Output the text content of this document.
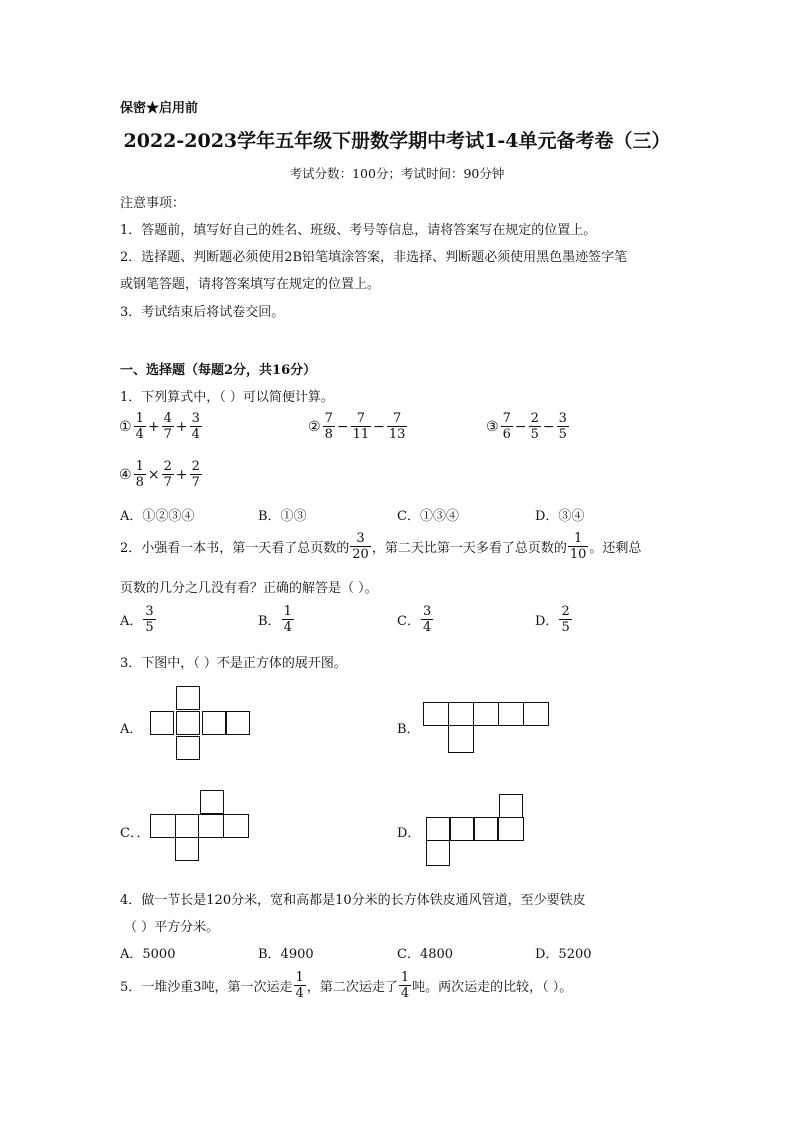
保密★启用前
2022-2023学年五年级下册数学期中考试1-4单元备考卷（三）
考试分数：100分；考试时间：90分钟
注意事项：
1．答题前，填写好自己的姓名、班级、考号等信息，请将答案写在规定的位置上。
2．选择题、判断题必须使用2B铅笔填涂答案，非选择、判断题必须使用黑色墨迹签字笔
或钢笔答题，请将答案填写在规定的位置上。
3．考试结束后将试卷交回。
一、选择题（每题2分，共16分）
1．下列算式中，（ ）可以简便计算。
① $\frac{1}{4} + \frac{4}{7} + \frac{3}{4}$	② $\frac{7}{8} - \frac{7}{11} - \frac{7}{13}$	③ $\frac{7}{6} - \frac{2}{5} - \frac{3}{5}$
④ $\frac{1}{8} \times \frac{2}{7} + \frac{2}{7}$
A．①②③④	B．①③	C．①③④	D．③④
2．小强看一本书，第一天看了总页数的 $\frac{3}{20}$ ，第二天比第一天多看了总页数的 $\frac{1}{10}$ 。还剩总
页数的几分之几没有看？正确的解答是（ ）。
A． $\frac{3}{5}$	B． $\frac{1}{4}$	C． $\frac{3}{4}$	D． $\frac{2}{5}$
3．下图中，（ ）不是正方体的展开图。
A．	B．
C．．	D．
4．做一节长是120分米，宽和高都是10分米的长方体铁皮通风管道，至少要铁皮
（ ）平方分米。
A．5000	B．4900	C．4800	D．5200
5．一堆沙重3吨，第一次运走 $\frac{1}{4}$ ，第二次运走了 $\frac{1}{4}$ 吨。两次运走的比较，（ ）。
